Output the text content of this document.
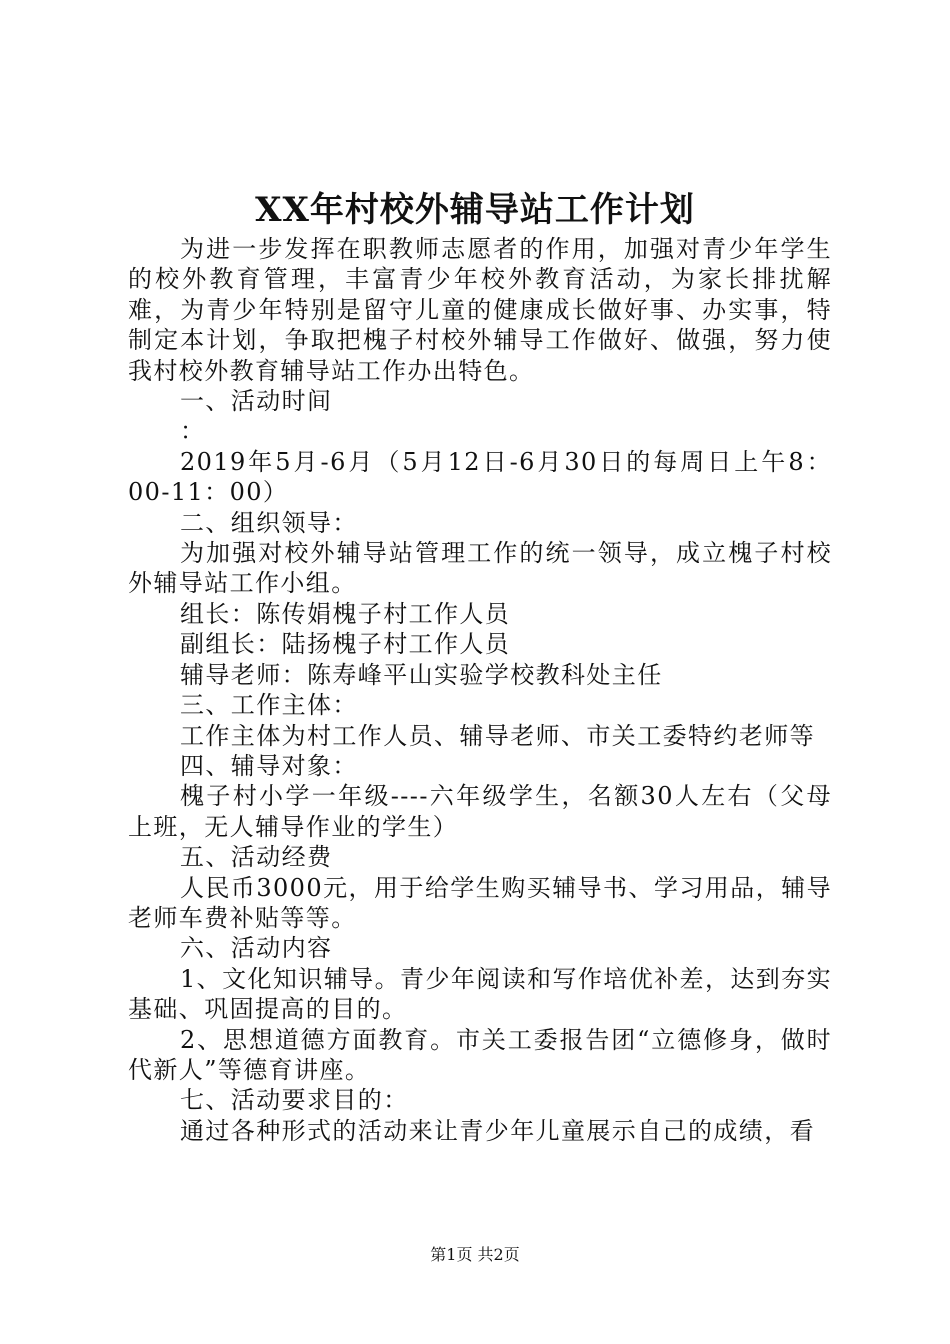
XX年村校外辅导站工作计划

为进一步发挥在职教师志愿者的作用，加强对青少年学生的校外教育管理，丰富青少年校外教育活动，为家长排扰解难，为青少年特别是留守儿童的健康成长做好事、办实事，特制定本计划，争取把槐子村校外辅导工作做好、做强，努力使我村校外教育辅导站工作办出特色。

一、活动时间

：

2019年5月-6月（5月12日-6月30日的每周日上午8：00-11：00）

二、组织领导：

为加强对校外辅导站管理工作的统一领导，成立槐子村校外辅导站工作小组。

组长：陈传娟槐子村工作人员

副组长：陆扬槐子村工作人员

辅导老师：陈寿峰平山实验学校教科处主任

三、工作主体：

工作主体为村工作人员、辅导老师、市关工委特约老师等

四、辅导对象：

槐子村小学一年级----六年级学生，名额30人左右（父母上班，无人辅导作业的学生）

五、活动经费

人民币3000元，用于给学生购买辅导书、学习用品，辅导老师车费补贴等等。

六、活动内容

1、文化知识辅导。青少年阅读和写作培优补差，达到夯实基础、巩固提高的目的。

2、思想道德方面教育。市关工委报告团“立德修身，做时代新人”等德育讲座。

七、活动要求目的：

通过各种形式的活动来让青少年儿童展示自己的成绩，看

第1页 共2页
